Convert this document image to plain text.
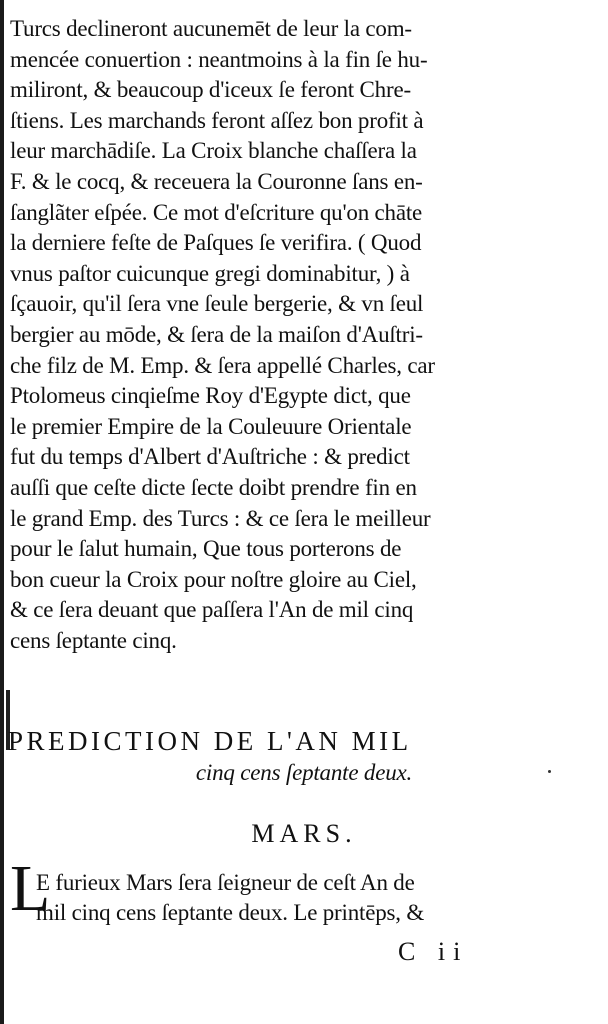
Turcs declineront aucunemēt de leur la com-
mencée conuertion : neantmoins à la fin ſe hu-
miliront, & beaucoup d'iceux ſe feront Chre-
ſtiens. Les marchands feront aſſez bon profit à
leur marchādiſe. La Croix blanche chaſſera la
F. & le cocq, & receuera la Couronne ſans en-
ſanglãter eſpée. Ce mot d'eſcriture qu'on chāte
la derniere feſte de Paſques ſe verifira. ( Quod
vnus paſtor cuicunque gregi dominabitur, ) à
ſçauoir, qu'il ſera vne ſeule bergerie, & vn ſeul
bergier au mōde, & ſera de la maiſon d'Auſtri-
che filz de M. Emp. & ſera appellé Charles, car
Ptolomeus cinqieſme Roy d'Egypte dict, que
le premier Empire de la Couleuure Orientale
fut du temps d'Albert d'Auſtriche : & predict
auſſi que ceſte dicte ſecte doibt prendre fin en
le grand Emp. des Turcs : & ce ſera le meilleur
pour le ſalut humain, Que tous porterons de
bon cueur la Croix pour noſtre gloire au Ciel,
& ce ſera deuant que paſſera l'An de mil cinq
cens ſeptante cinq.
PREDICTION DE L'AN MIL
cinq cens ſeptante deux.
MARS.
L
E furieux Mars ſera ſeigneur de ceſt An de
mil cinq cens ſeptante deux. Le printēps, &
C ii
